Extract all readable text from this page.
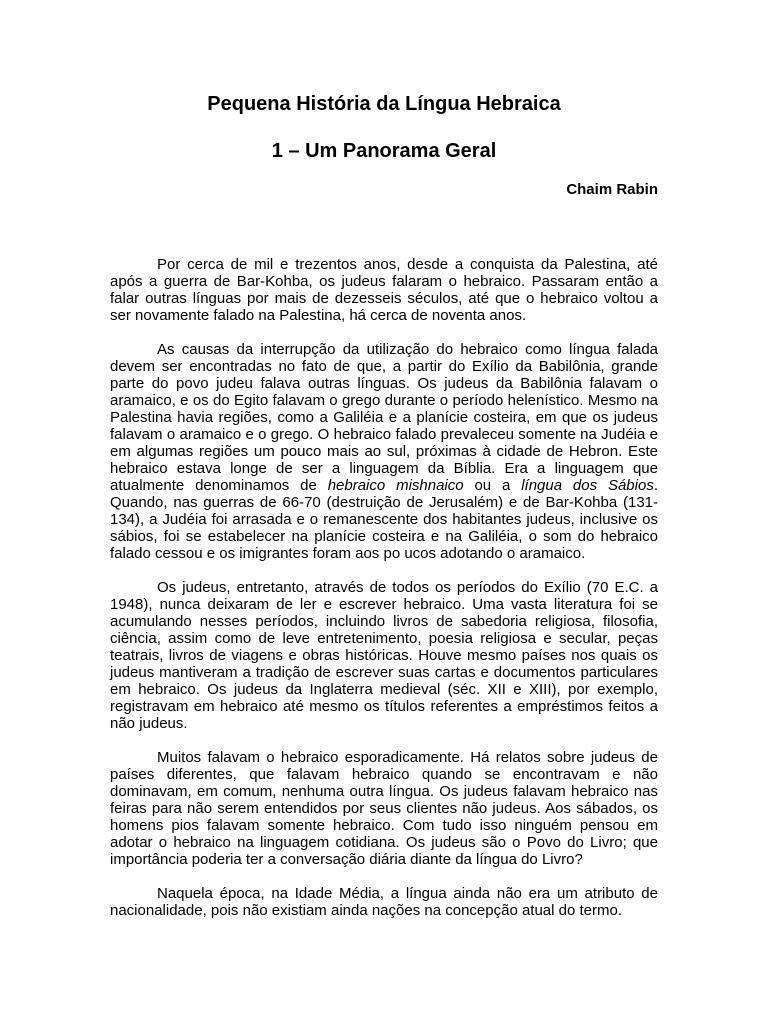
Pequena História da Língua Hebraica
1 – Um Panorama Geral

Chaim Rabin

Por cerca de mil e trezentos anos, desde a conquista da Palestina, até após a guerra de Bar-Kohba, os judeus falaram o hebraico. Passaram então a falar outras línguas por mais de dezesseis séculos, até que o hebraico voltou a ser novamente falado na Palestina, há cerca de noventa anos.

As causas da interrupção da utilização do hebraico como língua falada devem ser encontradas no fato de que, a partir do Exílio da Babilônia, grande parte do povo judeu falava outras línguas. Os judeus da Babilônia falavam o aramaico, e os do Egito falavam o grego durante o período helenístico. Mesmo na Palestina havia regiões, como a Galiléia e a planície costeira, em que os judeus falavam o aramaico e o grego. O hebraico falado prevaleceu somente na Judéia e em algumas regiões um pouco mais ao sul, próximas à cidade de Hebron. Este hebraico estava longe de ser a linguagem da Bíblia. Era a linguagem que atualmente denominamos de hebraico mishnaico ou a língua dos Sábios. Quando, nas guerras de 66-70 (destruição de Jerusalém) e de Bar-Kohba (131-134), a Judéia foi arrasada e o remanescente dos habitantes judeus, inclusive os sábios, foi se estabelecer na planície costeira e na Galiléia, o som do hebraico falado cessou e os imigrantes foram aos po ucos adotando o aramaico.

Os judeus, entretanto, através de todos os períodos do Exílio (70 E.C. a 1948), nunca deixaram de ler e escrever hebraico. Uma vasta literatura foi se acumulando nesses períodos, incluindo livros de sabedoria religiosa, filosofia, ciência, assim como de leve entretenimento, poesia religiosa e secular, peças teatrais, livros de viagens e obras históricas. Houve mesmo países nos quais os judeus mantiveram a tradição de escrever suas cartas e documentos particulares em hebraico. Os judeus da Inglaterra medieval (séc. XII e XIII), por exemplo, registravam em hebraico até mesmo os títulos referentes a empréstimos feitos a não judeus.

Muitos falavam o hebraico esporadicamente. Há relatos sobre judeus de países diferentes, que falavam hebraico quando se encontravam e não dominavam, em comum, nenhuma outra língua. Os judeus falavam hebraico nas feiras para não serem entendidos por seus clientes não judeus. Aos sábados, os homens pios falavam somente hebraico. Com tudo isso ninguém pensou em adotar o hebraico na linguagem cotidiana. Os judeus são o Povo do Livro; que importância poderia ter a conversação diária diante da língua do Livro?

Naquela época, na Idade Média, a língua ainda não era um atributo de nacionalidade, pois não existiam ainda nações na concepção atual do termo.
